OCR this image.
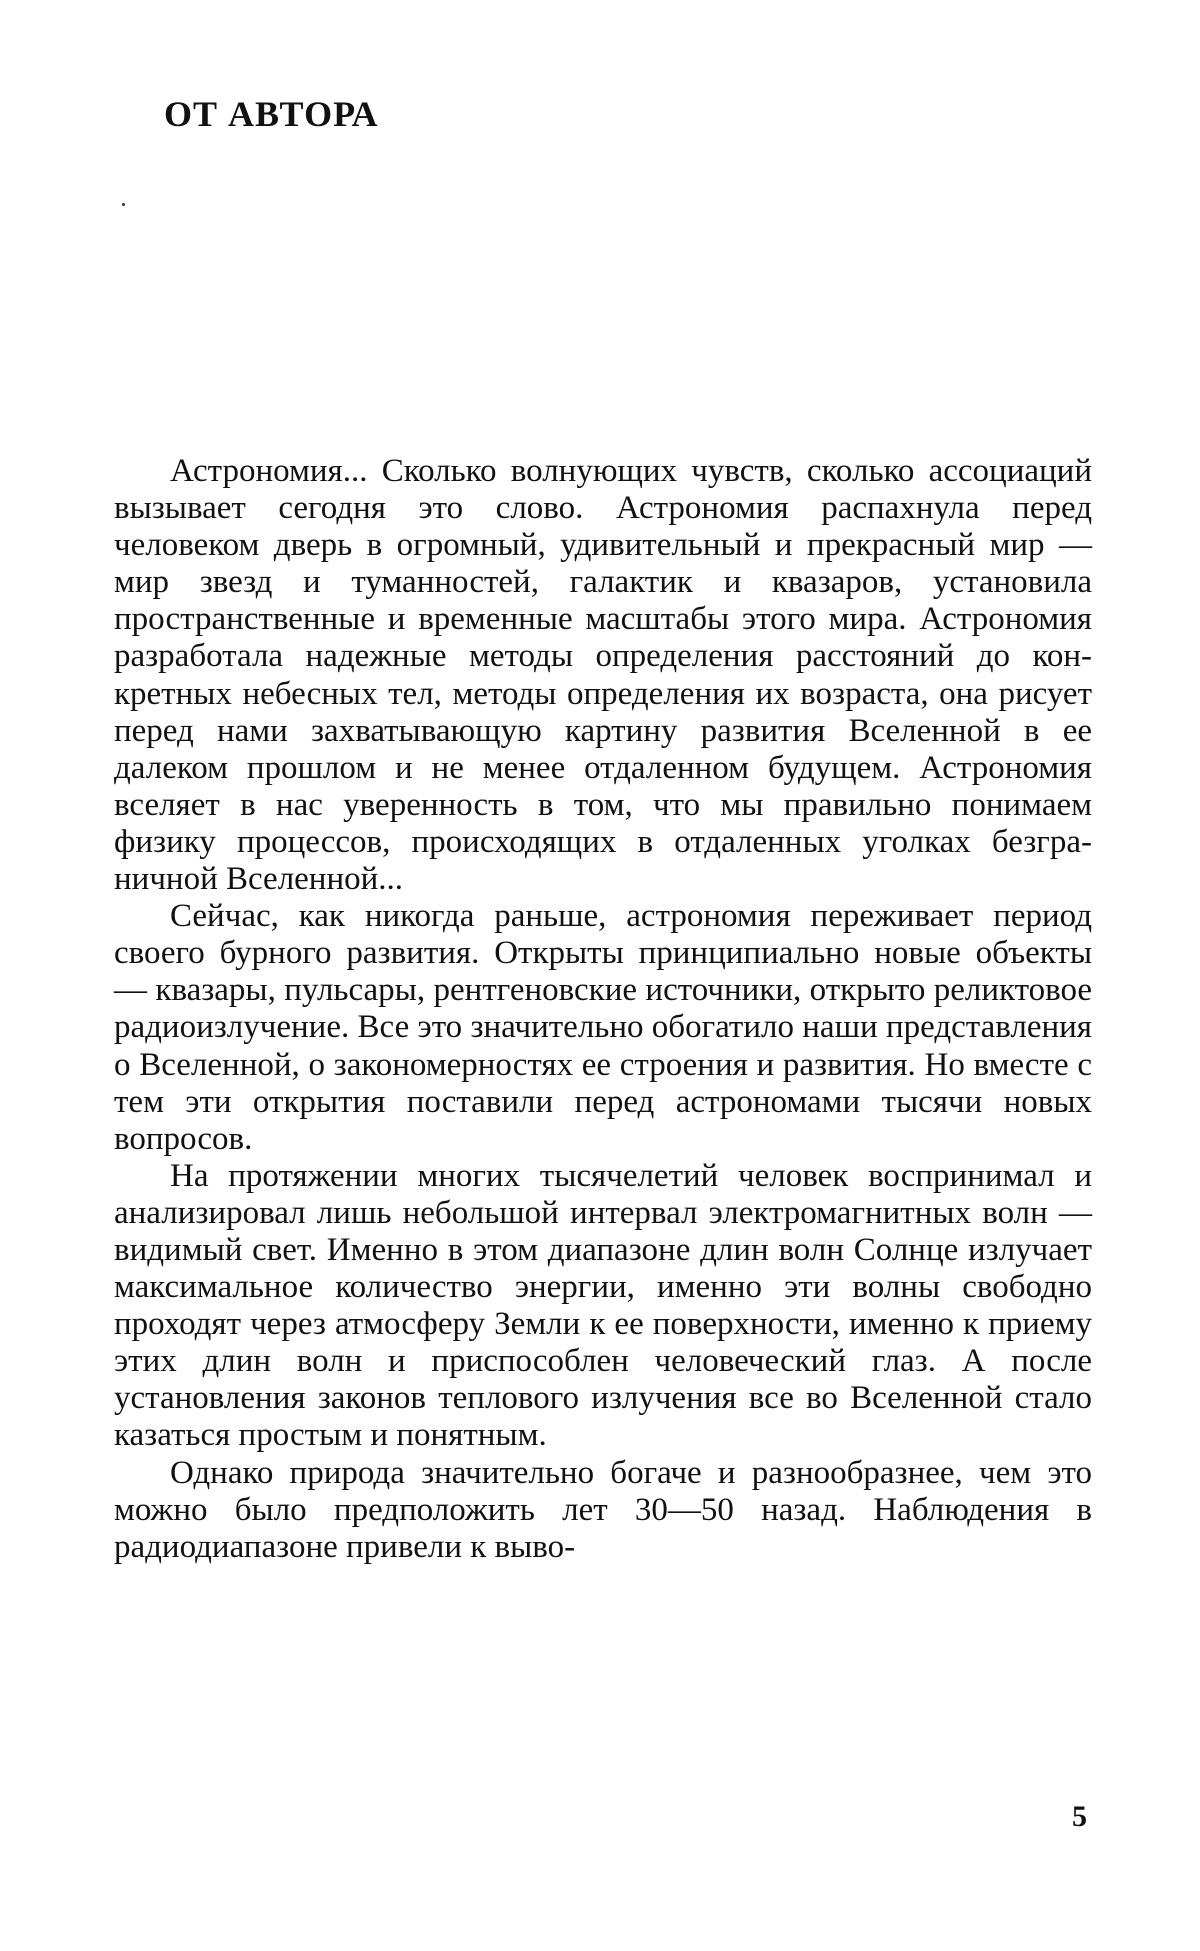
ОТ АВТОРА

Астрономия... Сколько волнующих чувств, сколько ассоциаций вызывает сегодня это слово. Астрономия распахнула перед человеком дверь в огромный, удивительный и прекрасный мир — мир звезд и туманностей, галактик и квазаров, установила пространственные и временные масштабы этого мира. Астрономия разработала надежные методы определения расстояний до конкретных небесных тел, методы определения их возраста, она рисует перед нами захватывающую картину развития Вселенной в ее далеком прошлом и не менее отдаленном будущем. Астрономия вселяет в нас уверенность в том, что мы правильно понимаем физику процессов, происходящих в отдаленных уголках безграничной Вселенной...

Сейчас, как никогда раньше, астрономия переживает период своего бурного развития. Открыты принципиально новые объекты — квазары, пульсары, рентгеновские источники, открыто реликтовое радиоизлучение. Все это значительно обогатило наши представления о Вселенной, о закономерностях ее строения и развития. Но вместе с тем эти открытия поставили перед астрономами тысячи новых вопросов.

На протяжении многих тысячелетий человек воспринимал и анализировал лишь небольшой интервал электромагнитных волн — видимый свет. Именно в этом диапазоне длин волн Солнце излучает максимальное количество энергии, именно эти волны свободно проходят через атмосферу Земли к ее поверхности, именно к приему этих длин волн и приспособлен человеческий глаз. А после установления законов теплового излучения все во Вселенной стало казаться простым и понятным.

Однако природа значительно богаче и разнообразнее, чем это можно было предположить лет 30—50 назад. Наблюдения в радиодиапазоне привели к выво-

5
